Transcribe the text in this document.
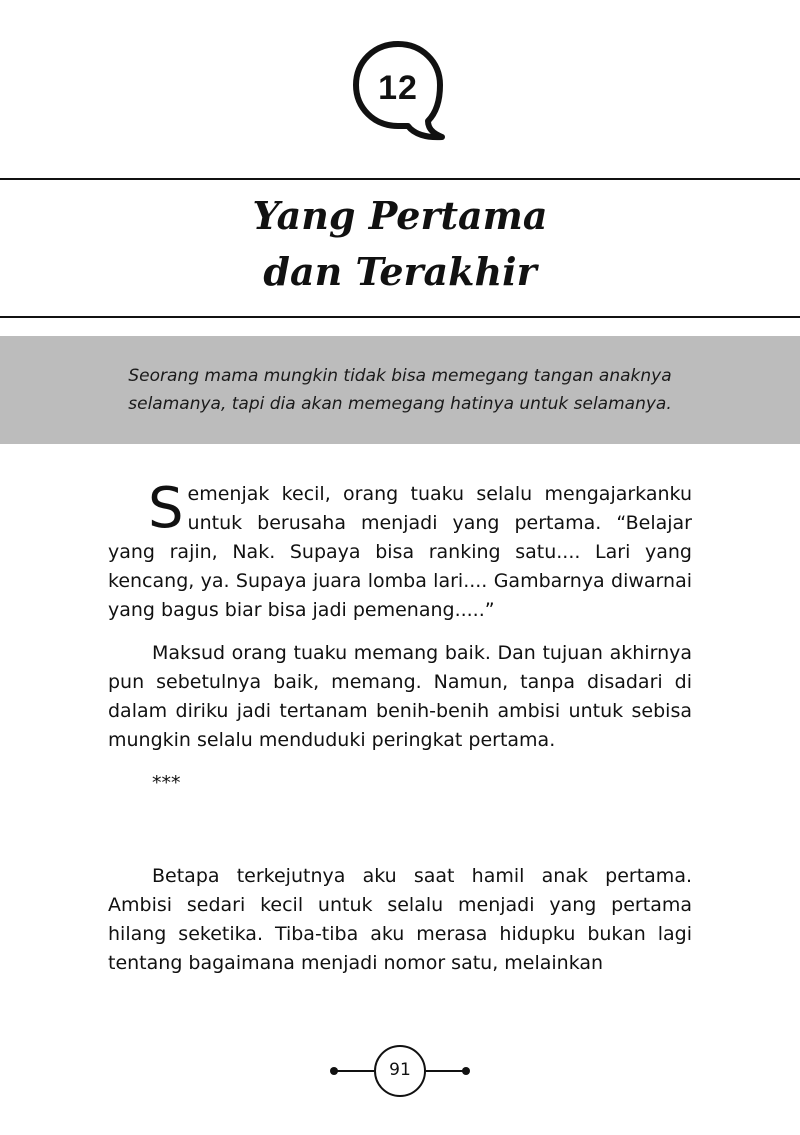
12
Yang Pertama
dan Terakhir
Seorang mama mungkin tidak bisa memegang tangan anaknya
selamanya, tapi dia akan memegang hatinya untuk selamanya.

Semenjak kecil, orang tuaku selalu mengajarkanku untuk berusaha menjadi yang pertama. “Belajar yang rajin, Nak. Supaya bisa ranking satu.... Lari yang kencang, ya. Supaya juara lomba lari.... Gambarnya diwarnai yang bagus biar bisa jadi pemenang.....”

Maksud orang tuaku memang baik. Dan tujuan akhirnya pun sebetulnya baik, memang. Namun, tanpa disadari di dalam diriku jadi tertanam benih-benih ambisi untuk sebisa mungkin selalu menduduki peringkat pertama.

***

Betapa terkejutnya aku saat hamil anak pertama. Ambisi sedari kecil untuk selalu menjadi yang pertama hilang seketika. Tiba-tiba aku merasa hidupku bukan lagi tentang bagaimana menjadi nomor satu, melainkan

91
